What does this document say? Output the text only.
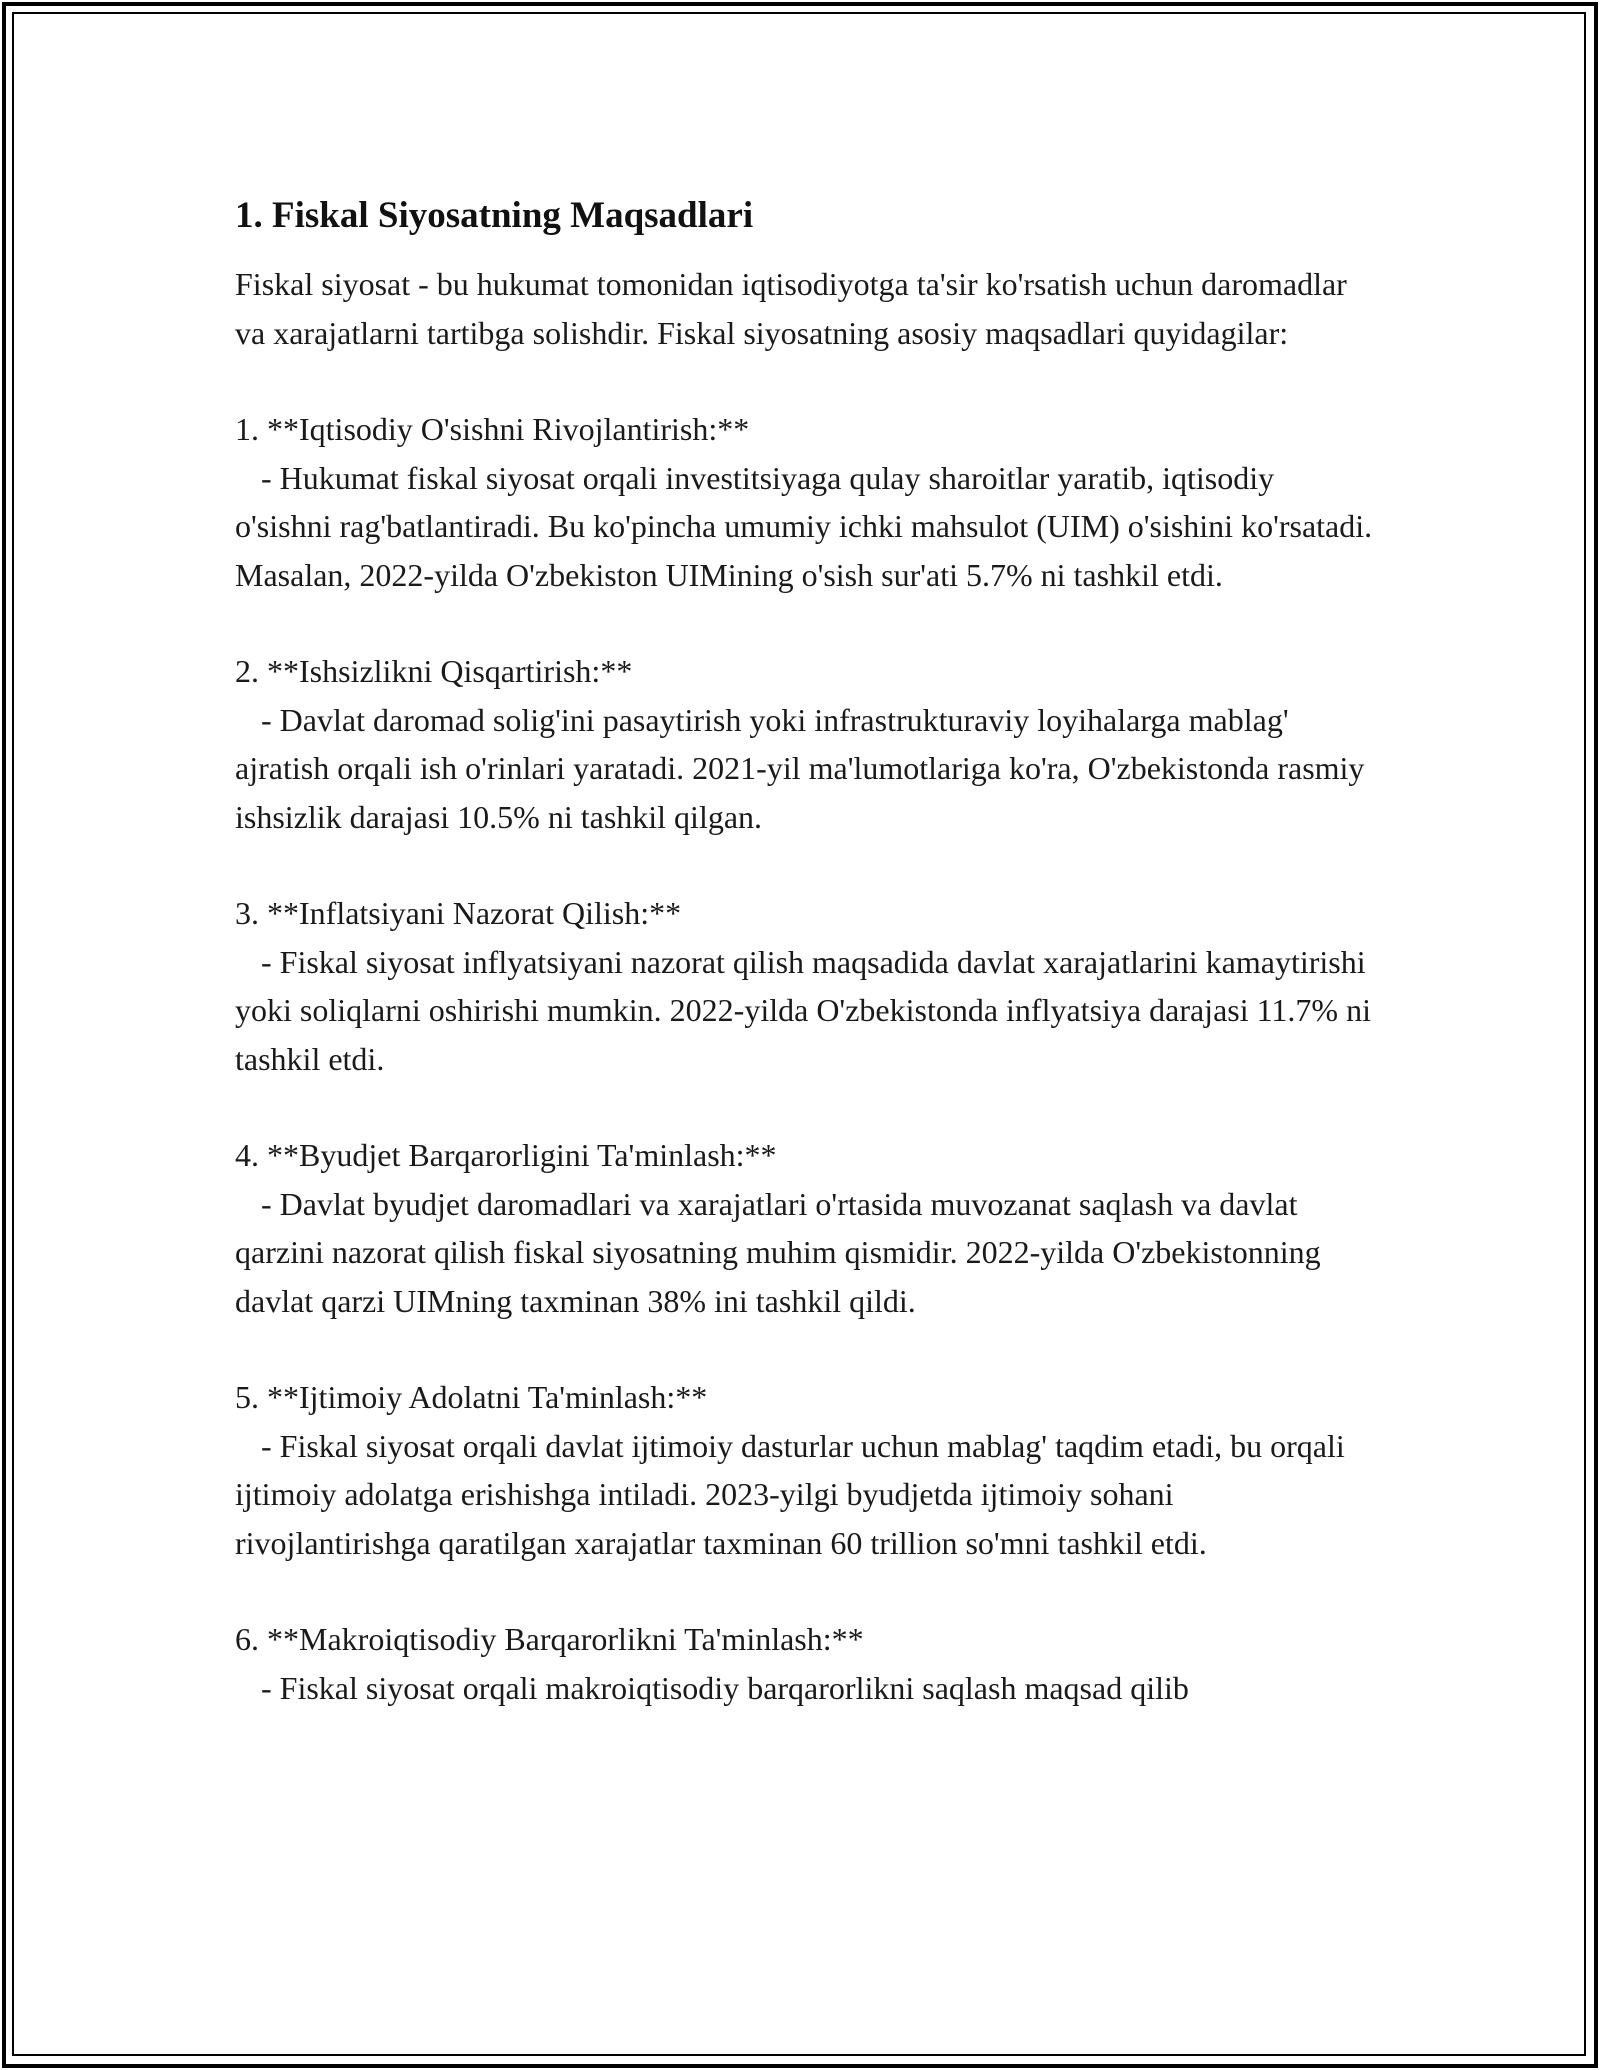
1. Fiskal Siyosatning Maqsadlari

Fiskal siyosat - bu hukumat tomonidan iqtisodiyotga ta'sir ko'rsatish uchun daromadlar va xarajatlarni tartibga solishdir. Fiskal siyosatning asosiy maqsadlari quyidagilar:

1. **Iqtisodiy O'sishni Rivojlantirish:**

- Hukumat fiskal siyosat orqali investitsiyaga qulay sharoitlar yaratib, iqtisodiy o'sishni rag'batlantiradi. Bu ko'pincha umumiy ichki mahsulot (UIM) o'sishini ko'rsatadi. Masalan, 2022-yilda O'zbekiston UIMining o'sish sur'ati 5.7% ni tashkil etdi.

2. **Ishsizlikni Qisqartirish:**

- Davlat daromad solig'ini pasaytirish yoki infrastrukturaviy loyihalarga mablag' ajratish orqali ish o'rinlari yaratadi. 2021-yil ma'lumotlariga ko'ra, O'zbekistonda rasmiy ishsizlik darajasi 10.5% ni tashkil qilgan.

3. **Inflatsiyani Nazorat Qilish:**

- Fiskal siyosat inflyatsiyani nazorat qilish maqsadida davlat xarajatlarini kamaytirishi yoki soliqlarni oshirishi mumkin. 2022-yilda O'zbekistonda inflyatsiya darajasi 11.7% ni tashkil etdi.

4. **Byudjet Barqarorligini Ta'minlash:**

- Davlat byudjet daromadlari va xarajatlari o'rtasida muvozanat saqlash va davlat qarzini nazorat qilish fiskal siyosatning muhim qismidir. 2022-yilda O'zbekistonning davlat qarzi UIMning taxminan 38% ini tashkil qildi.

5. **Ijtimoiy Adolatni Ta'minlash:**

- Fiskal siyosat orqali davlat ijtimoiy dasturlar uchun mablag' taqdim etadi, bu orqali ijtimoiy adolatga erishishga intiladi. 2023-yilgi byudjetda ijtimoiy sohani rivojlantirishga qaratilgan xarajatlar taxminan 60 trillion so'mni tashkil etdi.

6. **Makroiqtisodiy Barqarorlikni Ta'minlash:**

- Fiskal siyosat orqali makroiqtisodiy barqarorlikni saqlash maqsad qilib
